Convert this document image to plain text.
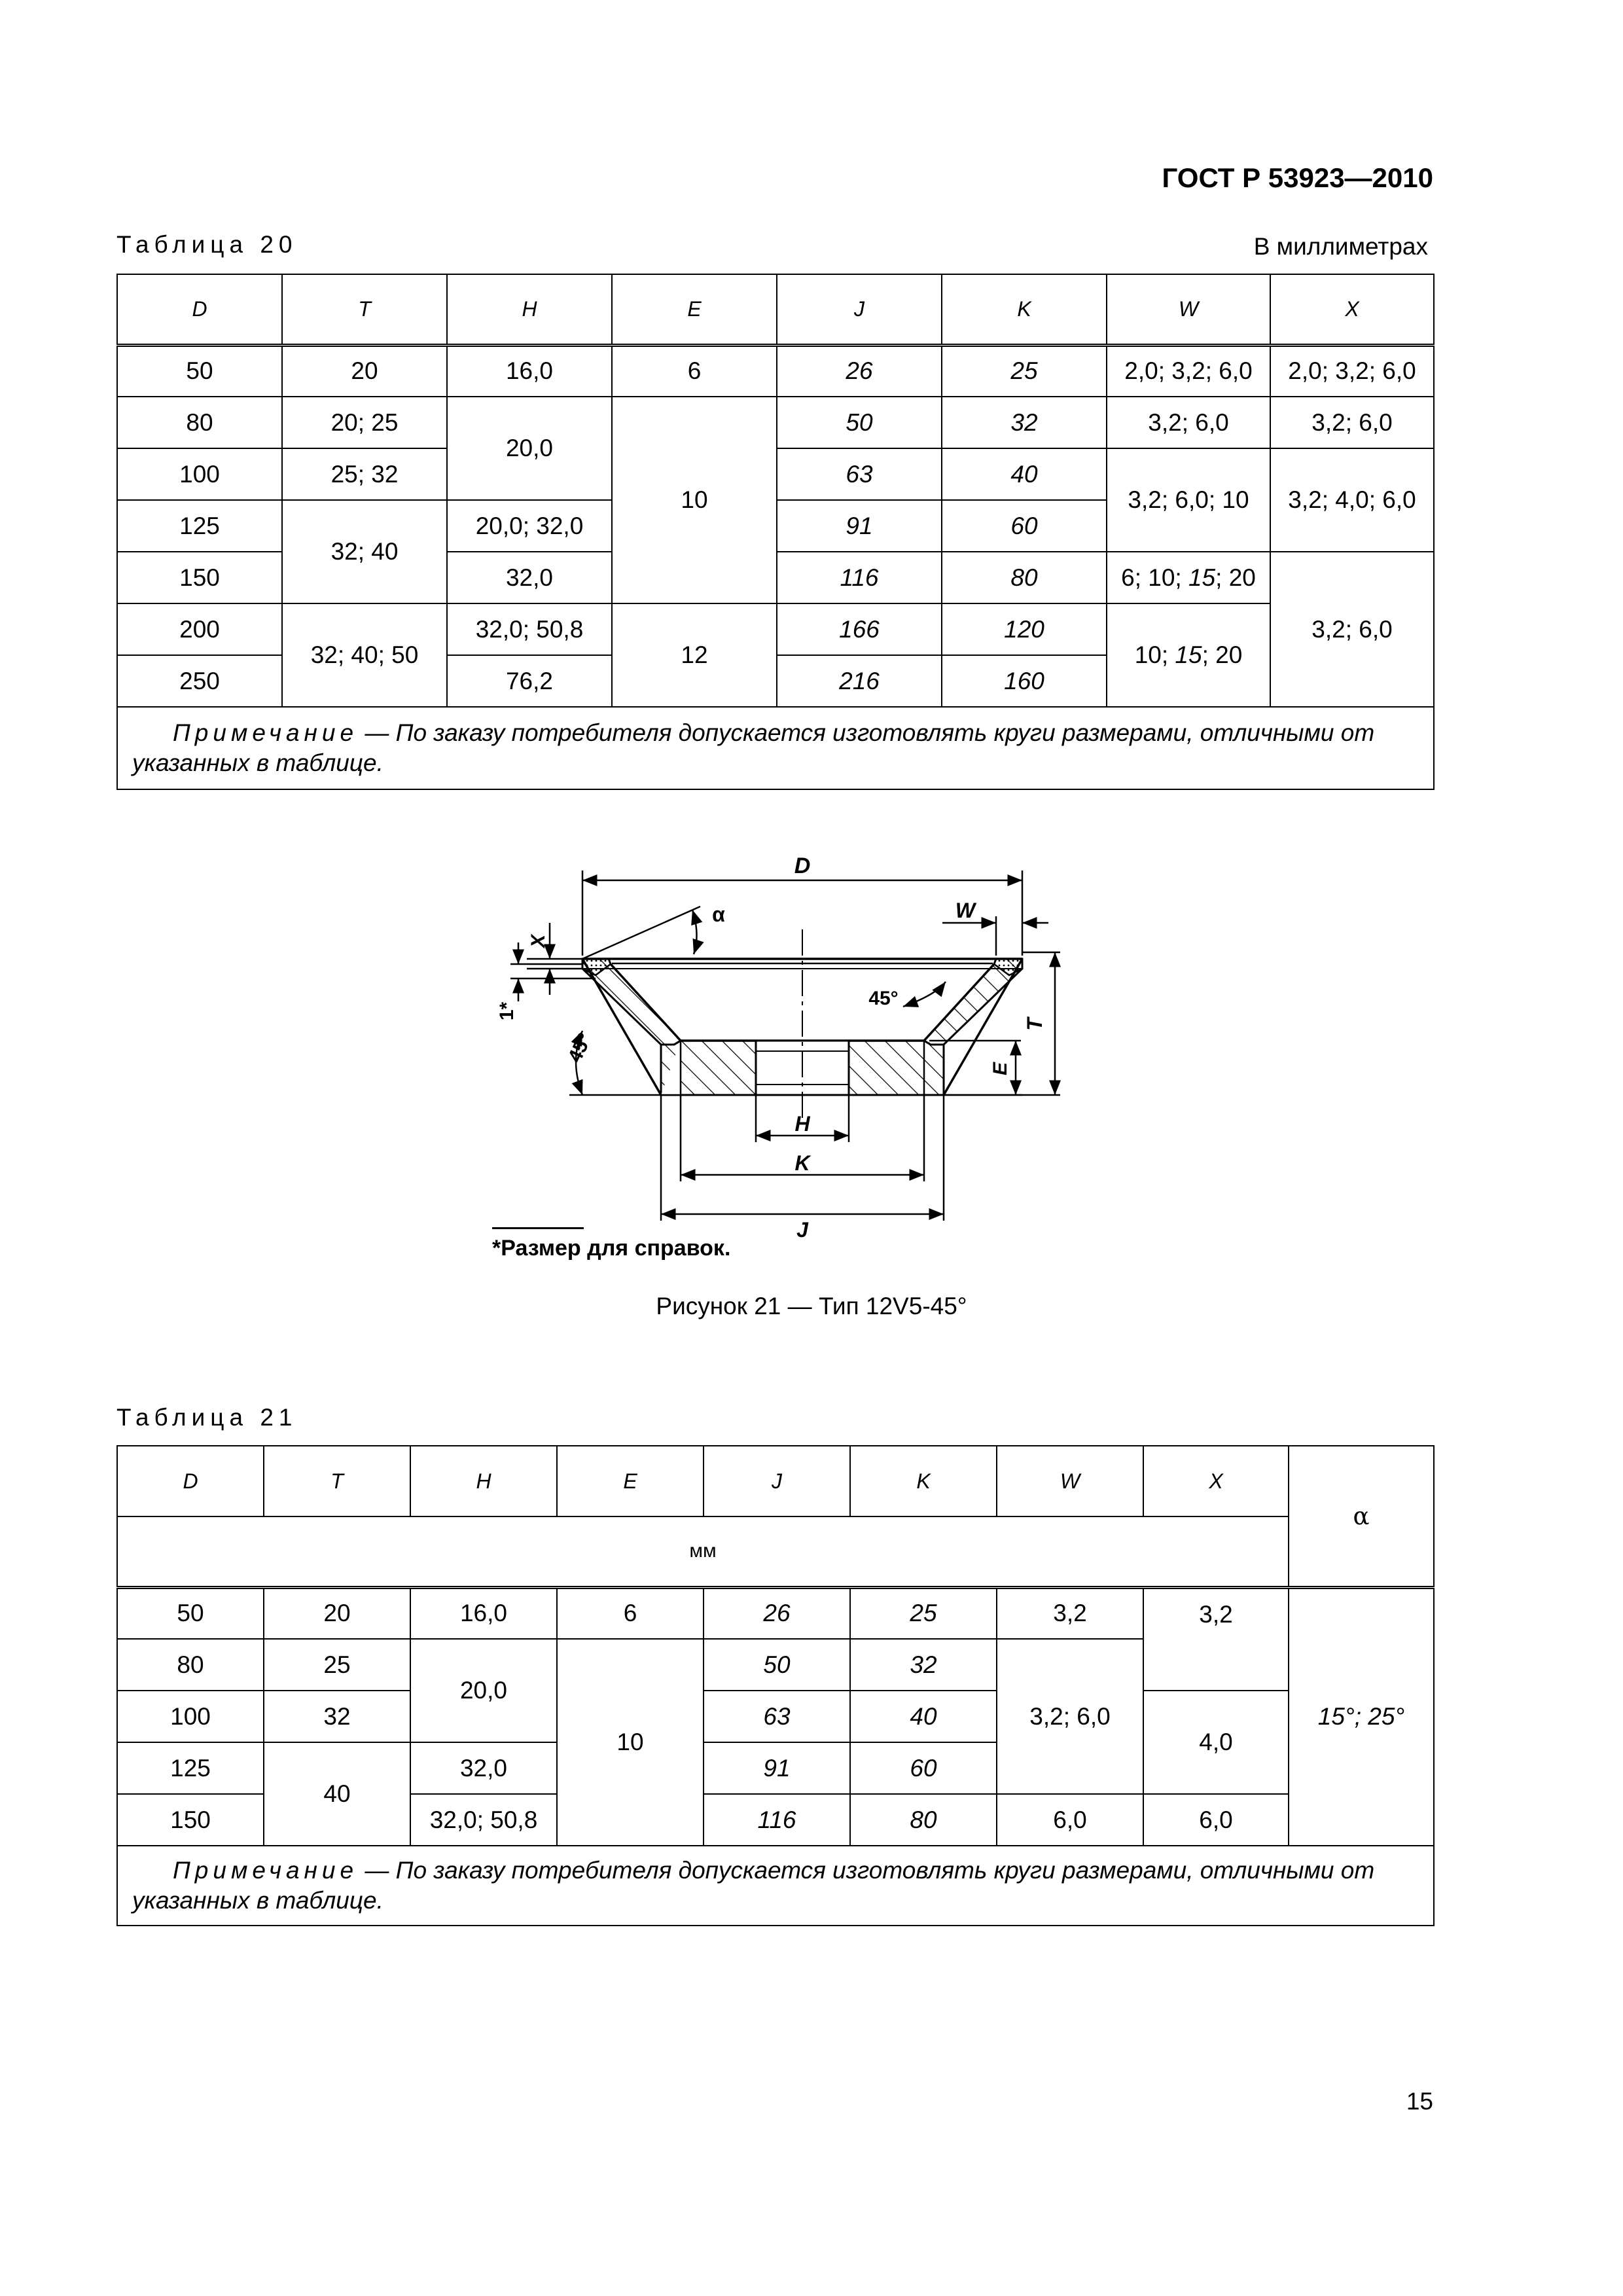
ГОСТ Р 53923—2010
Таблица 20	В миллиметрах
D	T	H	E	J	K	W	X
50	20	16,0	6	26	25	2,0; 3,2; 6,0	2,0; 3,2; 6,0
80	20; 25	20,0	10	50	32	3,2; 6,0	3,2; 6,0
100	25; 32			63	40	3,2; 6,0; 10	3,2; 4,0; 6,0
125	32; 40	20,0; 32,0		91	60		
150		32,0		116	80	6; 10; 15; 20	3,2; 6,0
200	32; 40; 50	32,0; 50,8	12	166	120	10; 15; 20	
250		76,2		216	160		
Примечание — По заказу потребителя допускается изготовлять круги размерами, отличными от указанных в таблице.							
D
W
α
X
1*
45°
45°
T
E
H
K
J
*Размер для справок.
Рисунок 21 — Тип 12V5-45°
Таблица 21
D	T	H	E	J	K	W	X	α
мм								
50	20	16,0	6	26	25	3,2	3,2	15°; 25°
80	25	20,0	10	50	32	3,2; 6,0		
100	32			63	40		4,0	
125	40	32,0		91	60			
150		32,0; 50,8		116	80	6,0	6,0	
Примечание — По заказу потребителя допускается изготовлять круги размерами, отличными от указанных в таблице.								
15
